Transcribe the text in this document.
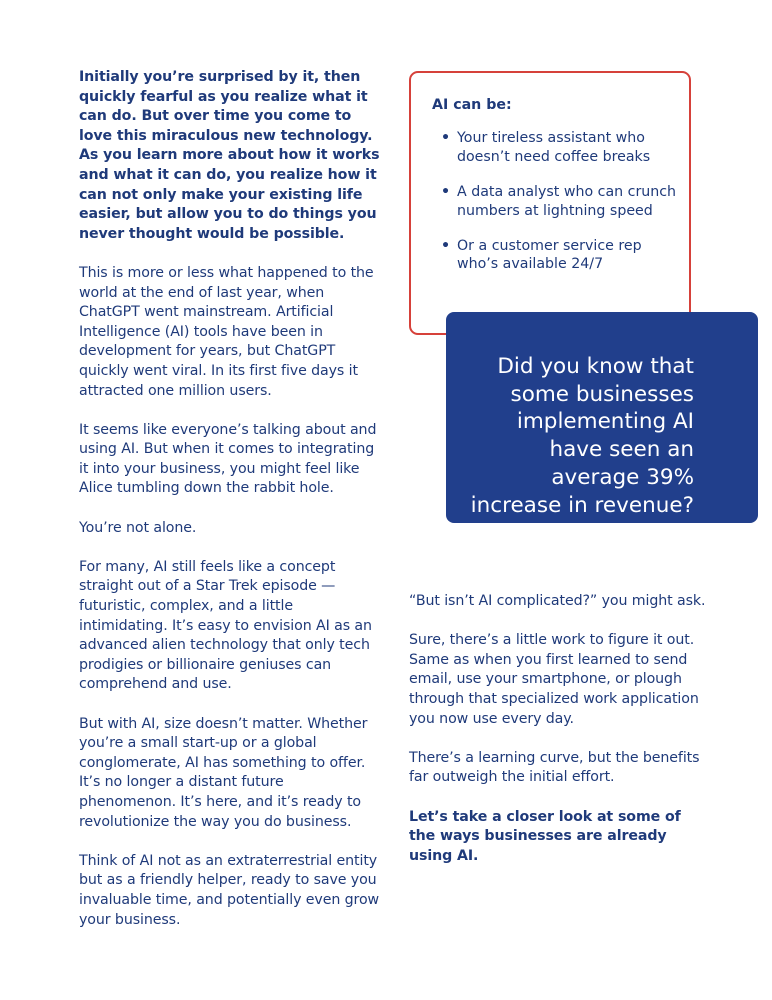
Initially you’re surprised by it, then quickly fearful as you realize what it can do. But over time you come to love this miraculous new technology. As you learn more about how it works and what it can do, you realize how it can not only make your existing life easier, but allow you to do things you never thought would be possible.

This is more or less what happened to the world at the end of last year, when ChatGPT went mainstream. Artificial Intelligence (AI) tools have been in development for years, but ChatGPT quickly went viral. In its first five days it attracted one million users.

It seems like everyone’s talking about and using AI. But when it comes to integrating it into your business, you might feel like Alice tumbling down the rabbit hole.

You’re not alone.

For many, AI still feels like a concept straight out of a Star Trek episode — futuristic, complex, and a little intimidating. It’s easy to envision AI as an advanced alien technology that only tech prodigies or billionaire geniuses can comprehend and use.

But with AI, size doesn’t matter. Whether you’re a small start-up or a global conglomerate, AI has something to offer. It’s no longer a distant future phenomenon. It’s here, and it’s ready to revolutionize the way you do business.

Think of AI not as an extraterrestrial entity but as a friendly helper, ready to save you invaluable time, and potentially even grow your business.

AI can be:

• Your tireless assistant who doesn’t need coffee breaks
• A data analyst who can crunch numbers at lightning speed
• Or a customer service rep who’s available 24/7
Did you know that some businesses implementing AI have seen an average 39% increase in revenue?

“But isn’t AI complicated?” you might ask.

Sure, there’s a little work to figure it out. Same as when you first learned to send email, use your smartphone, or plough through that specialized work application you now use every day.

There’s a learning curve, but the benefits far outweigh the initial effort.

Let’s take a closer look at some of the ways businesses are already using AI.
